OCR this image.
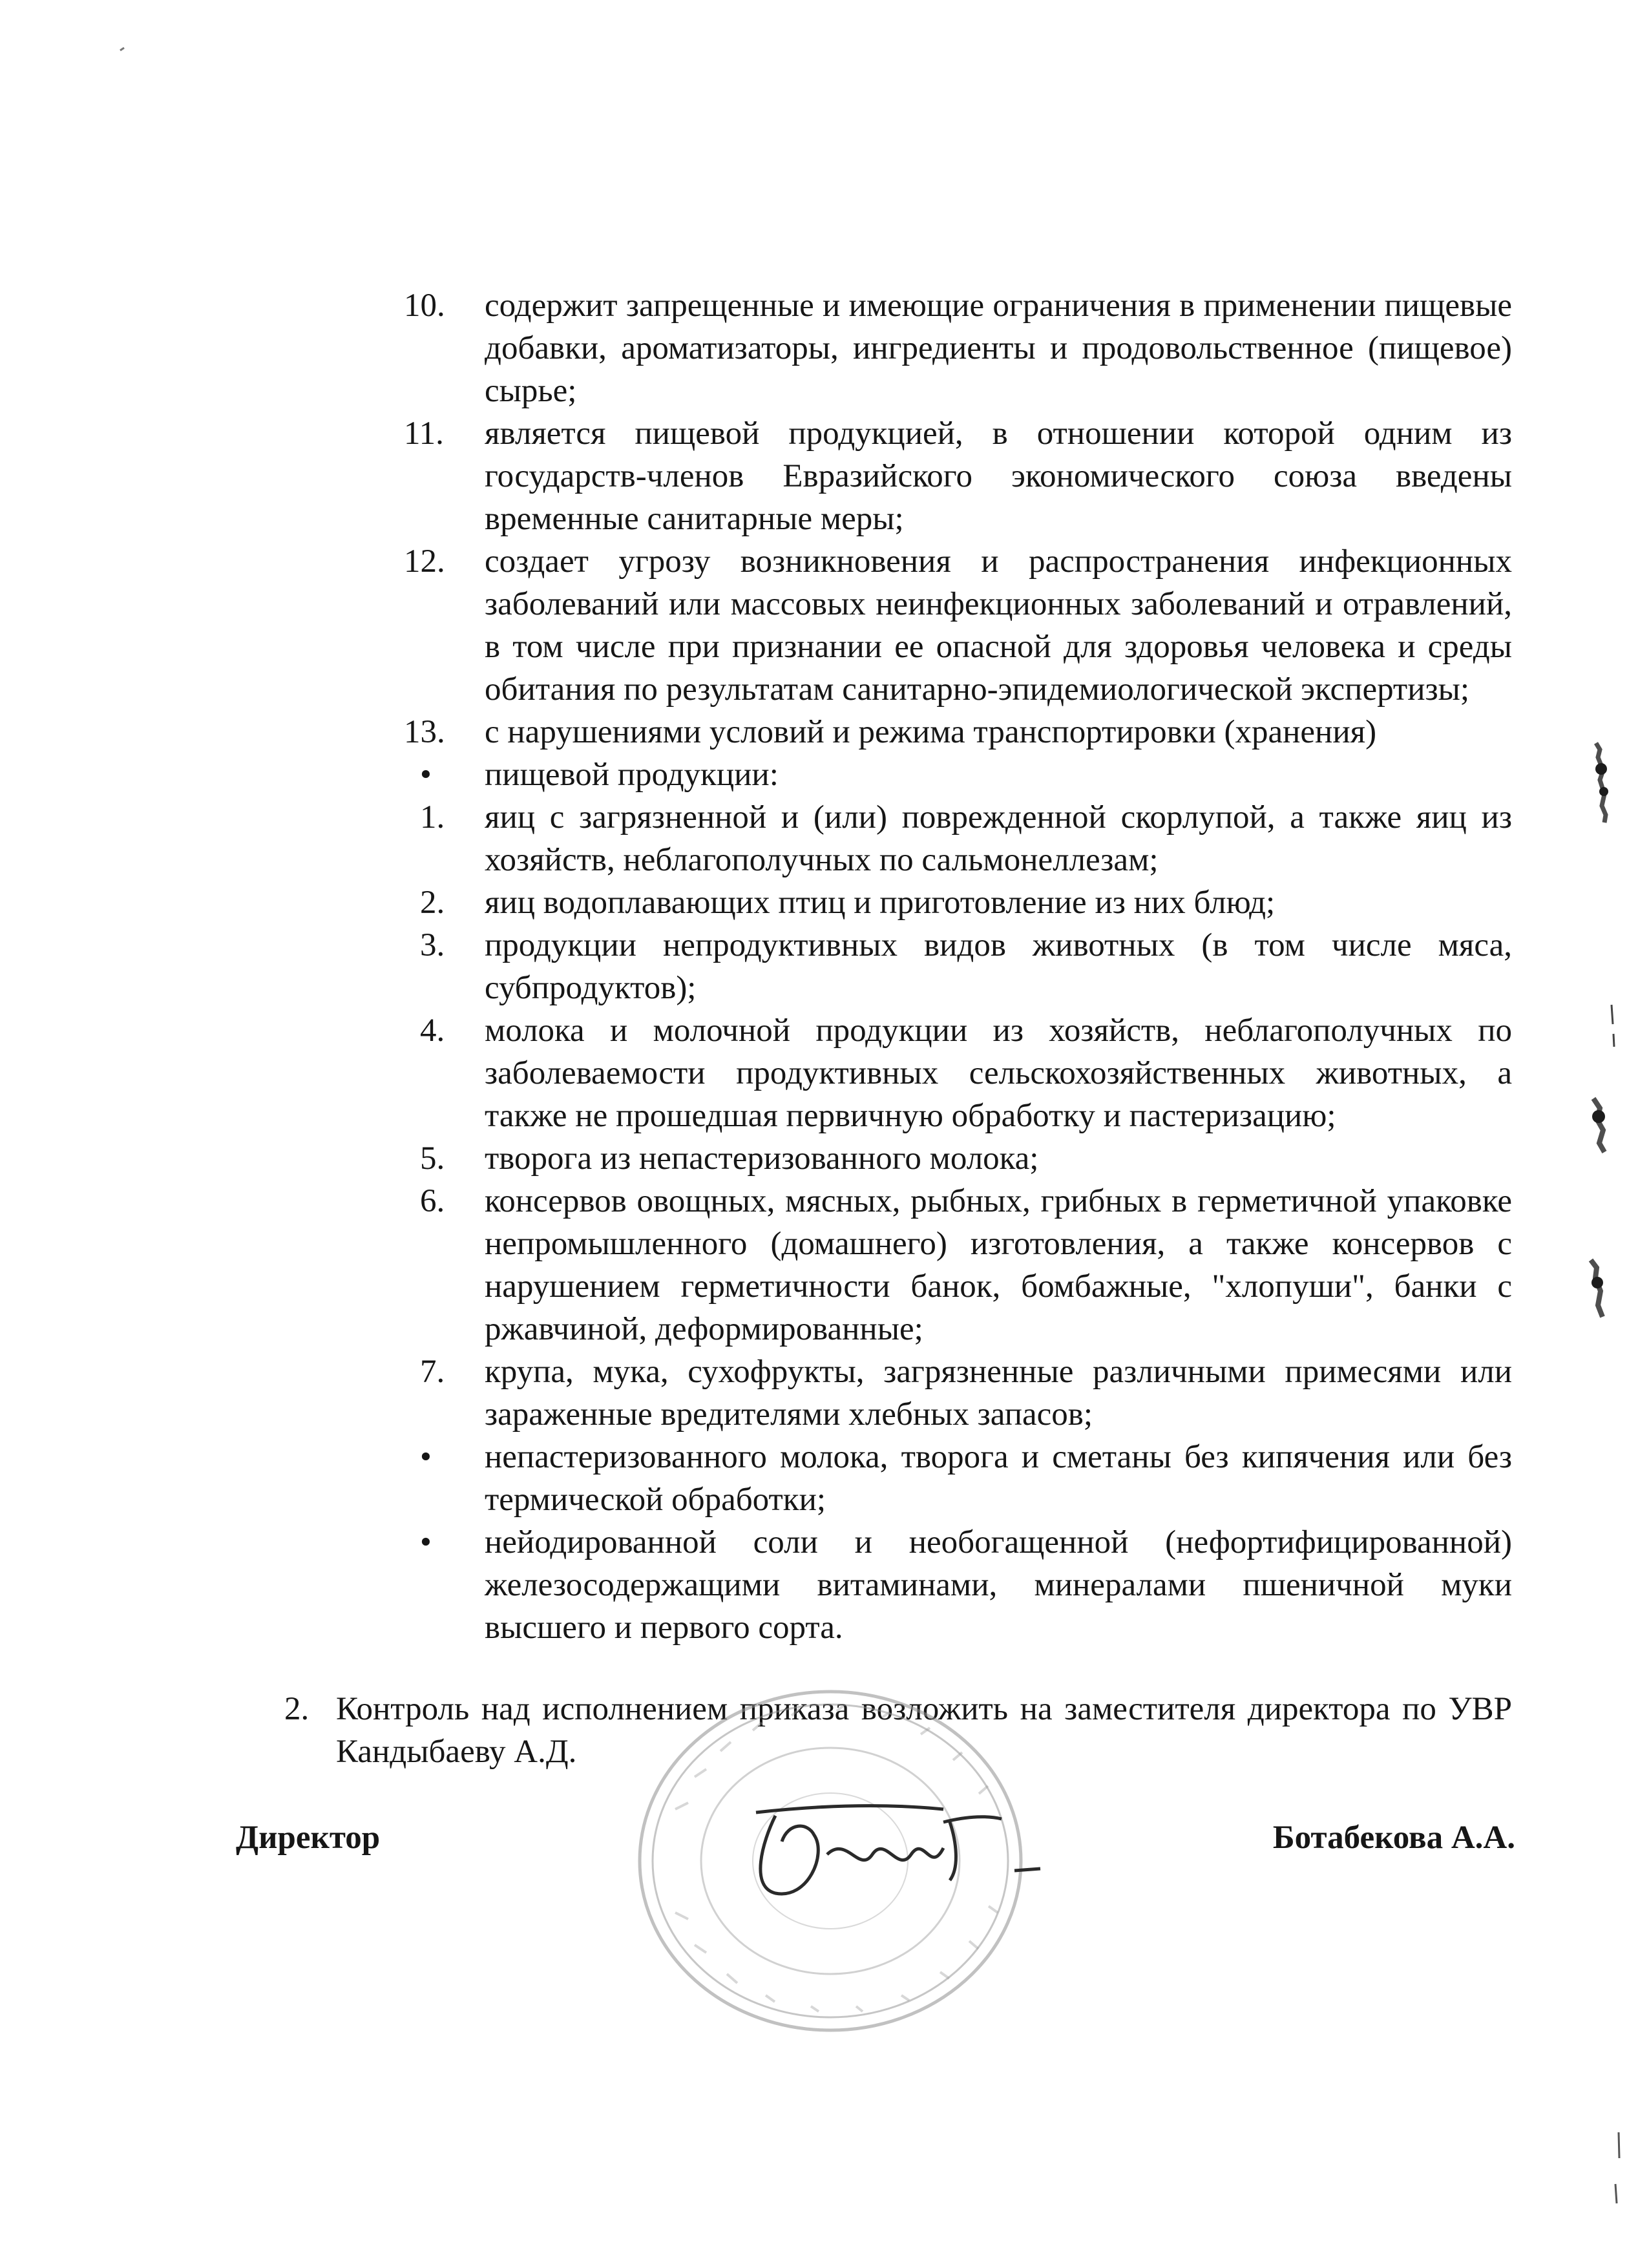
10. содержит запрещенные и имеющие ограничения в применении пищевые добавки, ароматизаторы, ингредиенты и продовольственное (пищевое) сырье;
11. является пищевой продукцией, в отношении которой одним из государств-членов Евразийского экономического союза введены временные санитарные меры;
12. создает угрозу возникновения и распространения инфекционных заболеваний или массовых неинфекционных заболеваний и отравлений, в том числе при признании ее опасной для здоровья человека и среды обитания по результатам санитарно-эпидемиологической экспертизы;
13. с нарушениями условий и режима транспортировки (хранения)
• пищевой продукции:
1. яиц с загрязненной и (или) поврежденной скорлупой, а также яиц из хозяйств, неблагополучных по сальмонеллезам;
2. яиц водоплавающих птиц и приготовление из них блюд;
3. продукции непродуктивных видов животных (в том числе мяса, субпродуктов);
4. молока и молочной продукции из хозяйств, неблагополучных по заболеваемости продуктивных сельскохозяйственных животных, а также не прошедшая первичную обработку и пастеризацию;
5. творога из непастеризованного молока;
6. консервов овощных, мясных, рыбных, грибных в герметичной упаковке непромышленного (домашнего) изготовления, а также консервов с нарушением герметичности банок, бомбажные, "хлопуши", банки с ржавчиной, деформированные;
7. крупа, мука, сухофрукты, загрязненные различными примесями или зараженные вредителями хлебных запасов;
• непастеризованного молока, творога и сметаны без кипячения или без термической обработки;
• нейодированной соли и необогащенной (нефортифицированной) железосодержащими витаминами, минералами пшеничной муки высшего и первого сорта.
2. Контроль над исполнением приказа возложить на заместителя директора по УВР Кандыбаеву А.Д.
Директор	Ботабекова А.А.
